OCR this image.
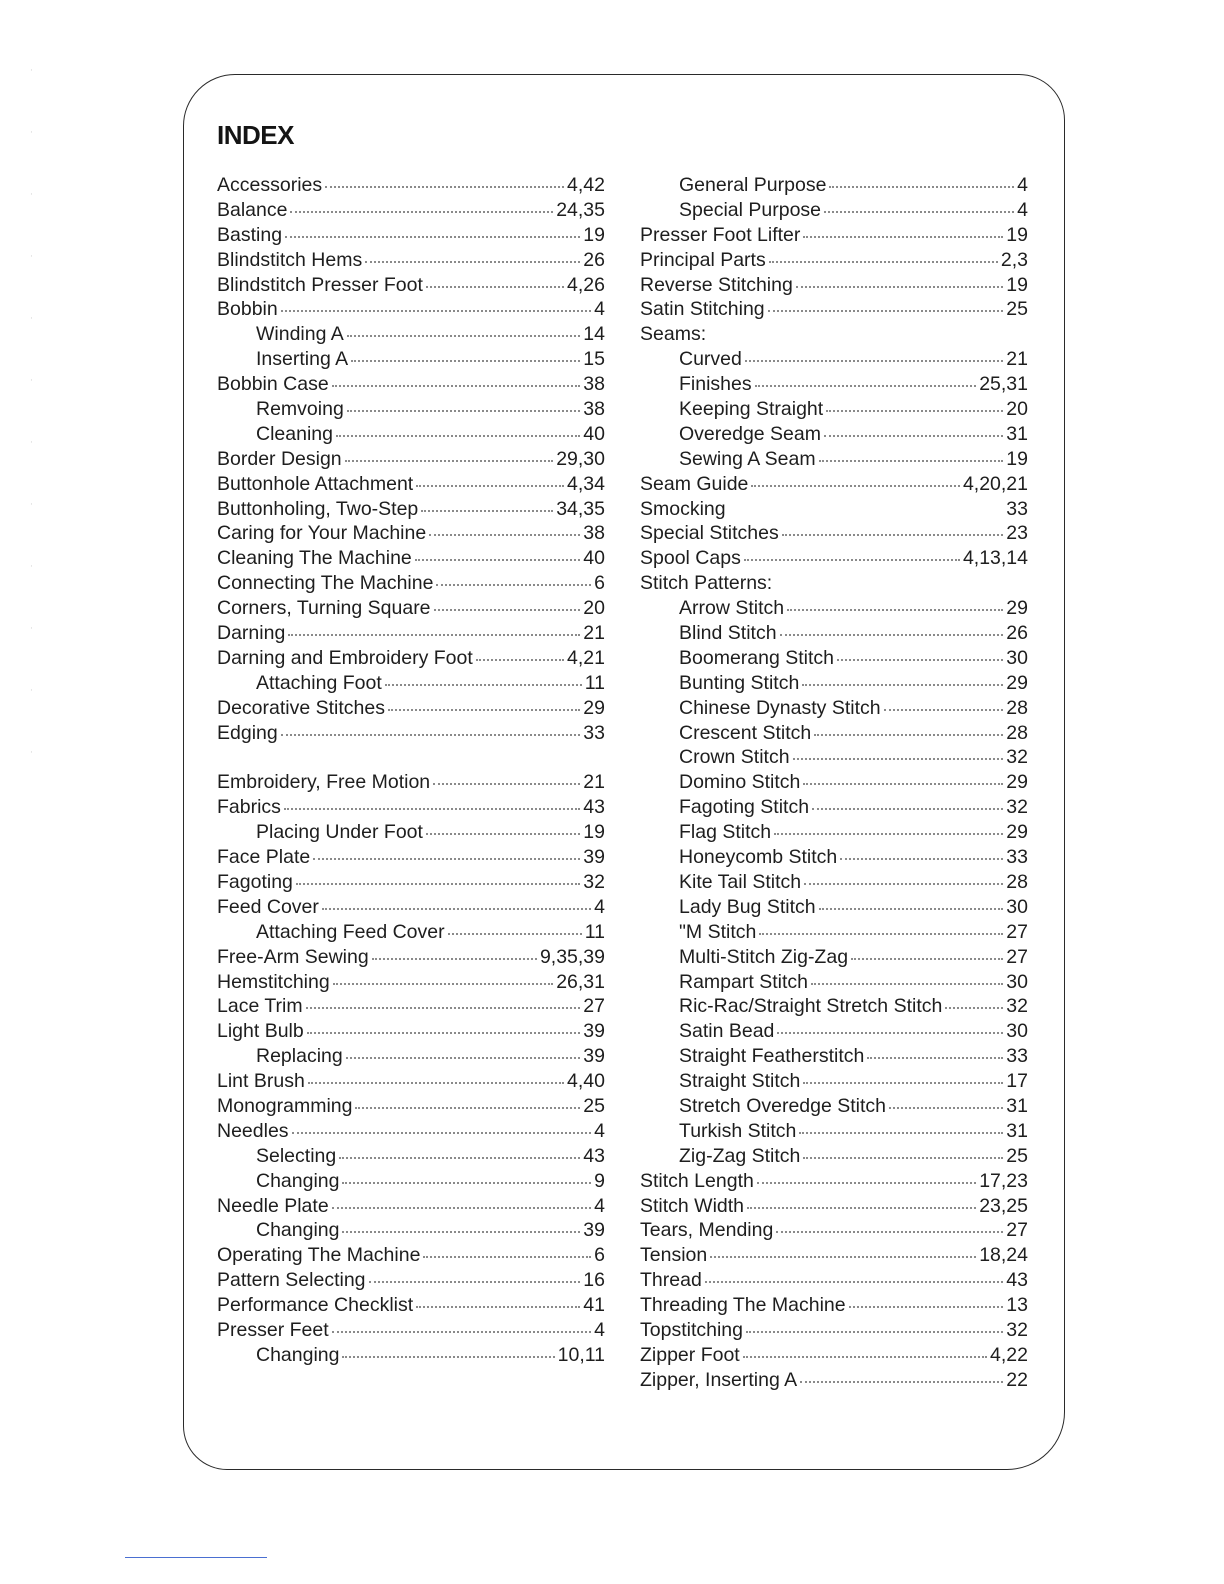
·
·
·
·
·
·
·
·
·
·
·
·
INDEX
Accessories	4,42
Balance	24,35
Basting	19
Blindstitch Hems	26
Blindstitch Presser Foot	4,26
Bobbin	4
Winding A	14
Inserting A	15
Bobbin Case	38
Remvoing	38
Cleaning	40
Border Design	29,30
Buttonhole Attachment	4,34
Buttonholing, Two-Step	34,35
Caring for Your Machine	38
Cleaning The Machine	40
Connecting The Machine	6
Corners, Turning Square	20
Darning	21
Darning and Embroidery Foot	4,21
Attaching Foot	11
Decorative Stitches	29
Edging	33
Embroidery, Free Motion	21
Fabrics	43
Placing Under Foot	19
Face Plate	39
Fagoting	32
Feed Cover	4
Attaching Feed Cover	11
Free-Arm Sewing	9,35,39
Hemstitching	26,31
Lace Trim	27
Light Bulb	39
Replacing	39
Lint Brush	4,40
Monogramming	25
Needles	4
Selecting	43
Changing	9
Needle Plate	4
Changing	39
Operating The Machine	6
Pattern Selecting	16
Performance Checklist	41
Presser Feet	4
Changing	10,11
General Purpose	4
Special Purpose	4
Presser Foot Lifter	19
Principal Parts	2,3
Reverse Stitching	19
Satin Stitching	25
Seams:
Curved	21
Finishes	25,31
Keeping Straight	20
Overedge Seam	31
Sewing A Seam	19
Seam Guide	4,20,21
Smocking	33
Special Stitches	23
Spool Caps	4,13,14
Stitch Patterns:
Arrow Stitch	29
Blind Stitch	26
Boomerang Stitch	30
Bunting Stitch	29
Chinese Dynasty Stitch	28
Crescent Stitch	28
Crown Stitch	32
Domino Stitch	29
Fagoting Stitch	32
Flag Stitch	29
Honeycomb Stitch	33
Kite Tail Stitch	28
Lady Bug Stitch	30
"M Stitch	27
Multi-Stitch Zig-Zag	27
Rampart Stitch	30
Ric-Rac/Straight Stretch Stitch	32
Satin Bead	30
Straight Featherstitch	33
Straight Stitch	17
Stretch Overedge Stitch	31
Turkish Stitch	31
Zig-Zag Stitch	25
Stitch Length	17,23
Stitch Width	23,25
Tears, Mending	27
Tension	18,24
Thread	43
Threading The Machine	13
Topstitching	32
Zipper Foot	4,22
Zipper, Inserting A	22
